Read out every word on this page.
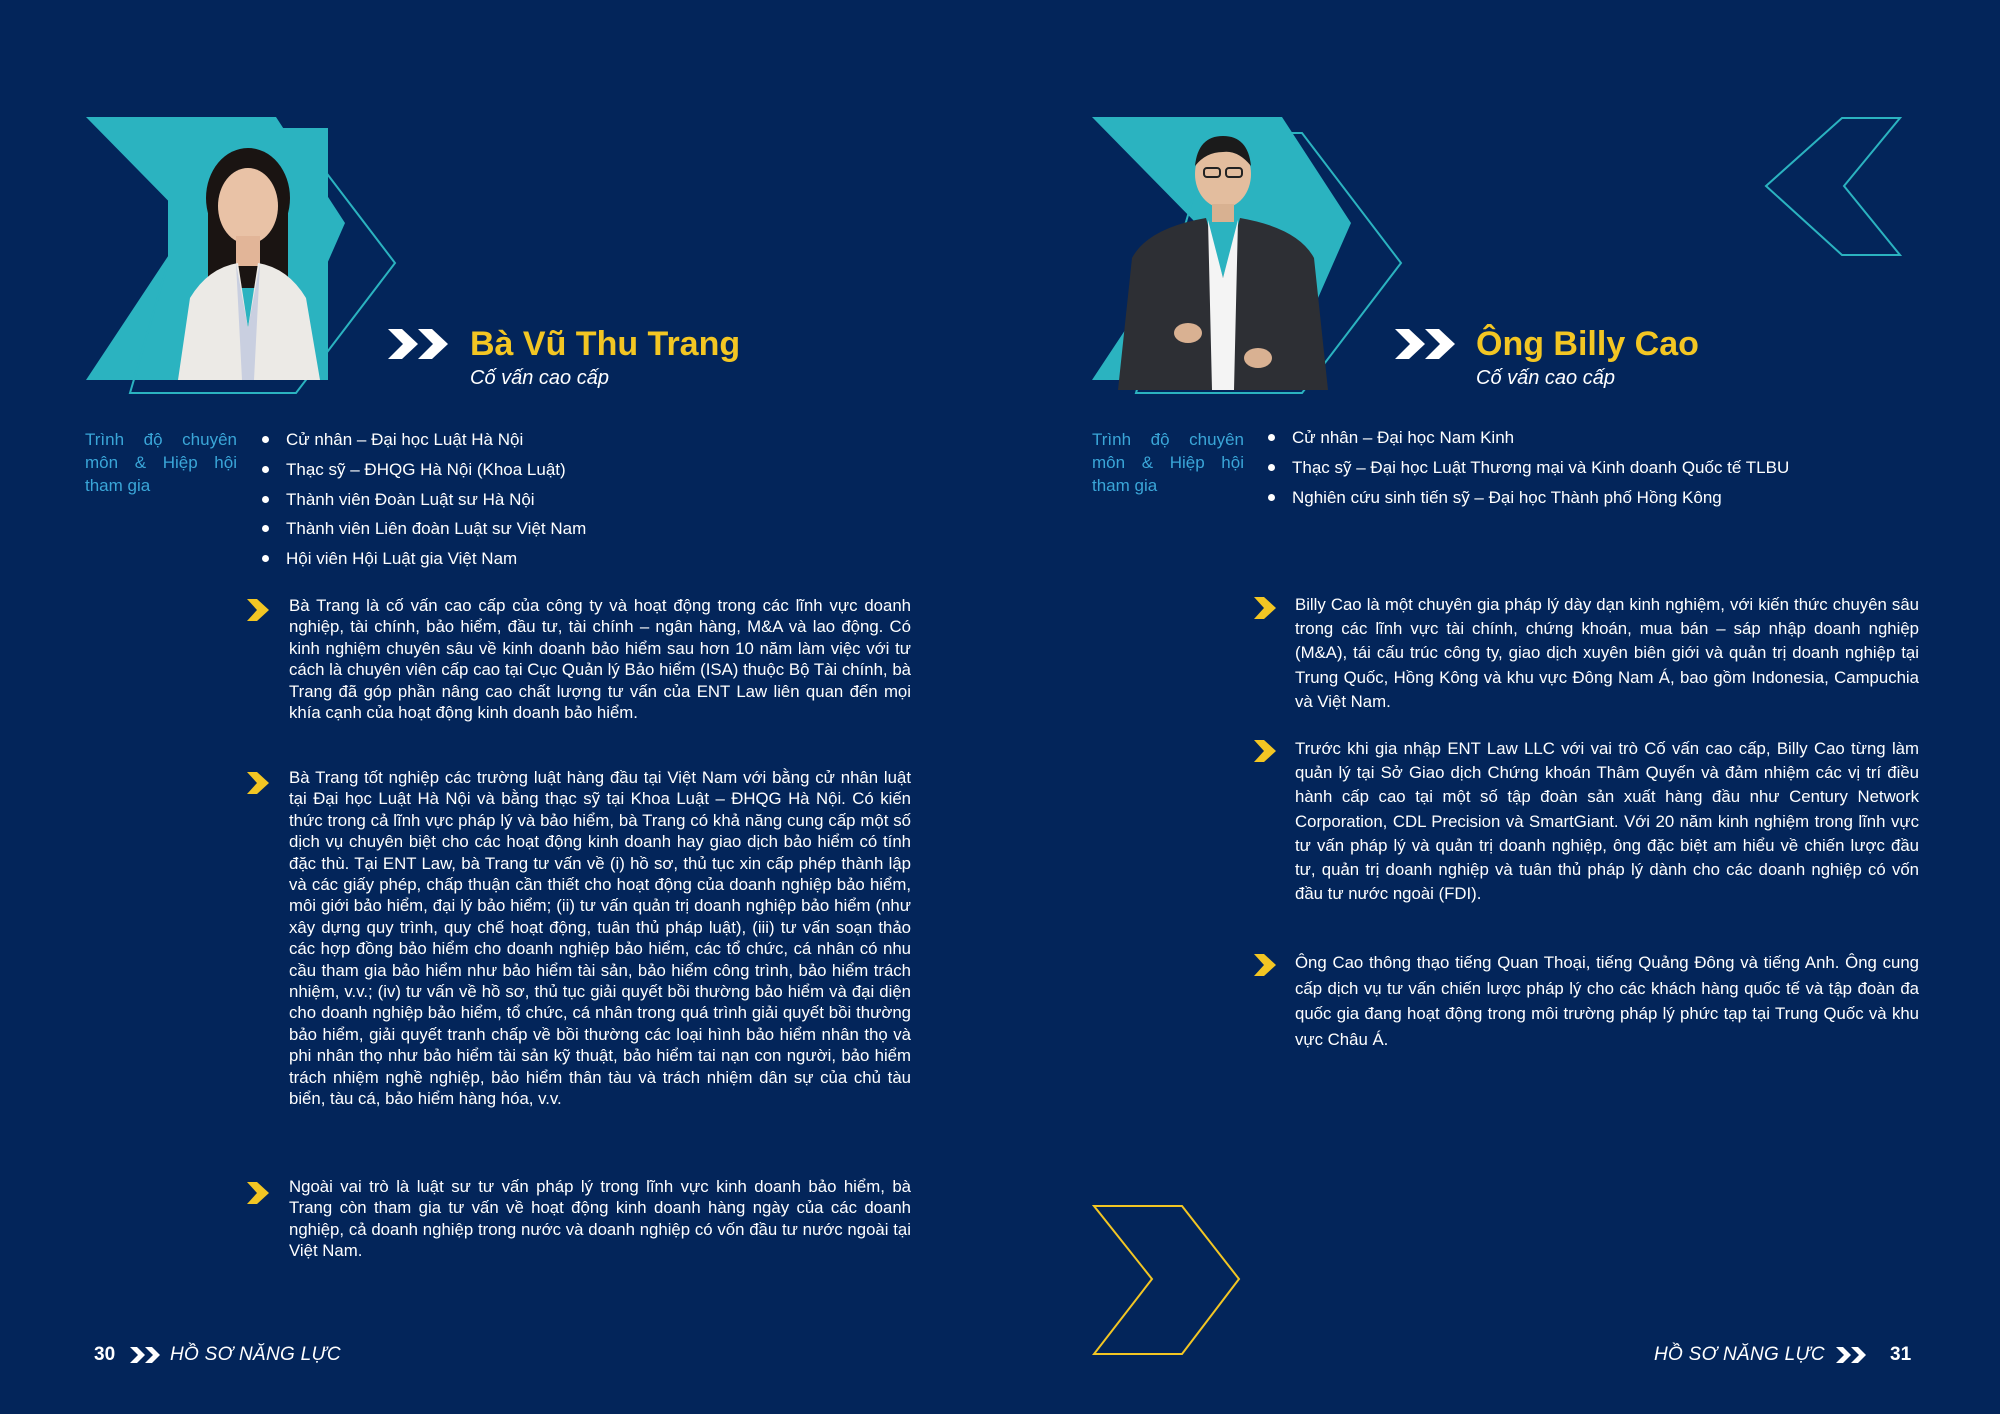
Bà Vũ Thu Trang
Cố vấn cao cấp
Trình độ chuyên môn & Hiệp hội tham gia
Cử nhân – Đại học Luật Hà Nội
Thạc sỹ – ĐHQG Hà Nội (Khoa Luật)
Thành viên Đoàn Luật sư Hà Nội
Thành viên Liên đoàn Luật sư Việt Nam
Hội viên Hội Luật gia Việt Nam
Bà Trang là cố vấn cao cấp của công ty và hoạt động trong các lĩnh vực doanh nghiệp, tài chính, bảo hiểm, đầu tư, tài chính – ngân hàng, M&A và lao động. Có kinh nghiệm chuyên sâu về kinh doanh bảo hiểm sau hơn 10 năm làm việc với tư cách là chuyên viên cấp cao tại Cục Quản lý Bảo hiểm (ISA) thuộc Bộ Tài chính, bà Trang đã góp phần nâng cao chất lượng tư vấn của ENT Law liên quan đến mọi khía cạnh của hoạt động kinh doanh bảo hiểm.
Bà Trang tốt nghiệp các trường luật hàng đầu tại Việt Nam với bằng cử nhân luật tại Đại học Luật Hà Nội và bằng thạc sỹ tại Khoa Luật – ĐHQG Hà Nội. Có kiến thức trong cả lĩnh vực pháp lý và bảo hiểm, bà Trang có khả năng cung cấp một số dịch vụ chuyên biệt cho các hoạt động kinh doanh hay giao dịch bảo hiểm có tính đặc thù. Tại ENT Law, bà Trang tư vấn về (i) hồ sơ, thủ tục xin cấp phép thành lập và các giấy phép, chấp thuận cần thiết cho hoạt động của doanh nghiệp bảo hiểm, môi giới bảo hiểm, đại lý bảo hiểm; (ii) tư vấn quản trị doanh nghiệp bảo hiểm (như xây dựng quy trình, quy chế hoạt động, tuân thủ pháp luật), (iii) tư vấn soạn thảo các hợp đồng bảo hiểm cho doanh nghiệp bảo hiểm, các tổ chức, cá nhân có nhu cầu tham gia bảo hiểm như bảo hiểm tài sản, bảo hiểm công trình, bảo hiểm trách nhiệm, v.v.; (iv) tư vấn về hồ sơ, thủ tục giải quyết bồi thường bảo hiểm và đại diện cho doanh nghiệp bảo hiểm, tổ chức, cá nhân trong quá trình giải quyết bồi thường bảo hiểm, giải quyết tranh chấp về bồi thường các loại hình bảo hiểm nhân thọ và phi nhân thọ như bảo hiểm tài sản kỹ thuật, bảo hiểm tai nạn con người, bảo hiểm trách nhiệm nghề nghiệp, bảo hiểm thân tàu và trách nhiệm dân sự của chủ tàu biển, tàu cá, bảo hiểm hàng hóa, v.v.
Ngoài vai trò là luật sư tư vấn pháp lý trong lĩnh vực kinh doanh bảo hiểm, bà Trang còn tham gia tư vấn về hoạt động kinh doanh hàng ngày của các doanh nghiệp, cả doanh nghiệp trong nước và doanh nghiệp có vốn đầu tư nước ngoài tại Việt Nam.
30	HỒ SƠ NĂNG LỰC
Ông Billy Cao
Cố vấn cao cấp
Trình độ chuyên môn & Hiệp hội tham gia
Cử nhân – Đại học Nam Kinh
Thạc sỹ – Đại học Luật Thương mại và Kinh doanh Quốc tế TLBU
Nghiên cứu sinh tiến sỹ – Đại học Thành phố Hồng Kông
Billy Cao là một chuyên gia pháp lý dày dạn kinh nghiệm, với kiến thức chuyên sâu trong các lĩnh vực tài chính, chứng khoán, mua bán – sáp nhập doanh nghiệp (M&A), tái cấu trúc công ty, giao dịch xuyên biên giới và quản trị doanh nghiệp tại Trung Quốc, Hồng Kông và khu vực Đông Nam Á, bao gồm Indonesia, Campuchia và Việt Nam.
Trước khi gia nhập ENT Law LLC với vai trò Cố vấn cao cấp, Billy Cao từng làm quản lý tại Sở Giao dịch Chứng khoán Thâm Quyến và đảm nhiệm các vị trí điều hành cấp cao tại một số tập đoàn sản xuất hàng đầu như Century Network Corporation, CDL Precision và SmartGiant. Với 20 năm kinh nghiệm trong lĩnh vực tư vấn pháp lý và quản trị doanh nghiệp, ông đặc biệt am hiểu về chiến lược đầu tư, quản trị doanh nghiệp và tuân thủ pháp lý dành cho các doanh nghiệp có vốn đầu tư nước ngoài (FDI).
Ông Cao thông thạo tiếng Quan Thoại, tiếng Quảng Đông và tiếng Anh. Ông cung cấp dịch vụ tư vấn chiến lược pháp lý cho các khách hàng quốc tế và tập đoàn đa quốc gia đang hoạt động trong môi trường pháp lý phức tạp tại Trung Quốc và khu vực Châu Á.
HỒ SƠ NĂNG LỰC	31
